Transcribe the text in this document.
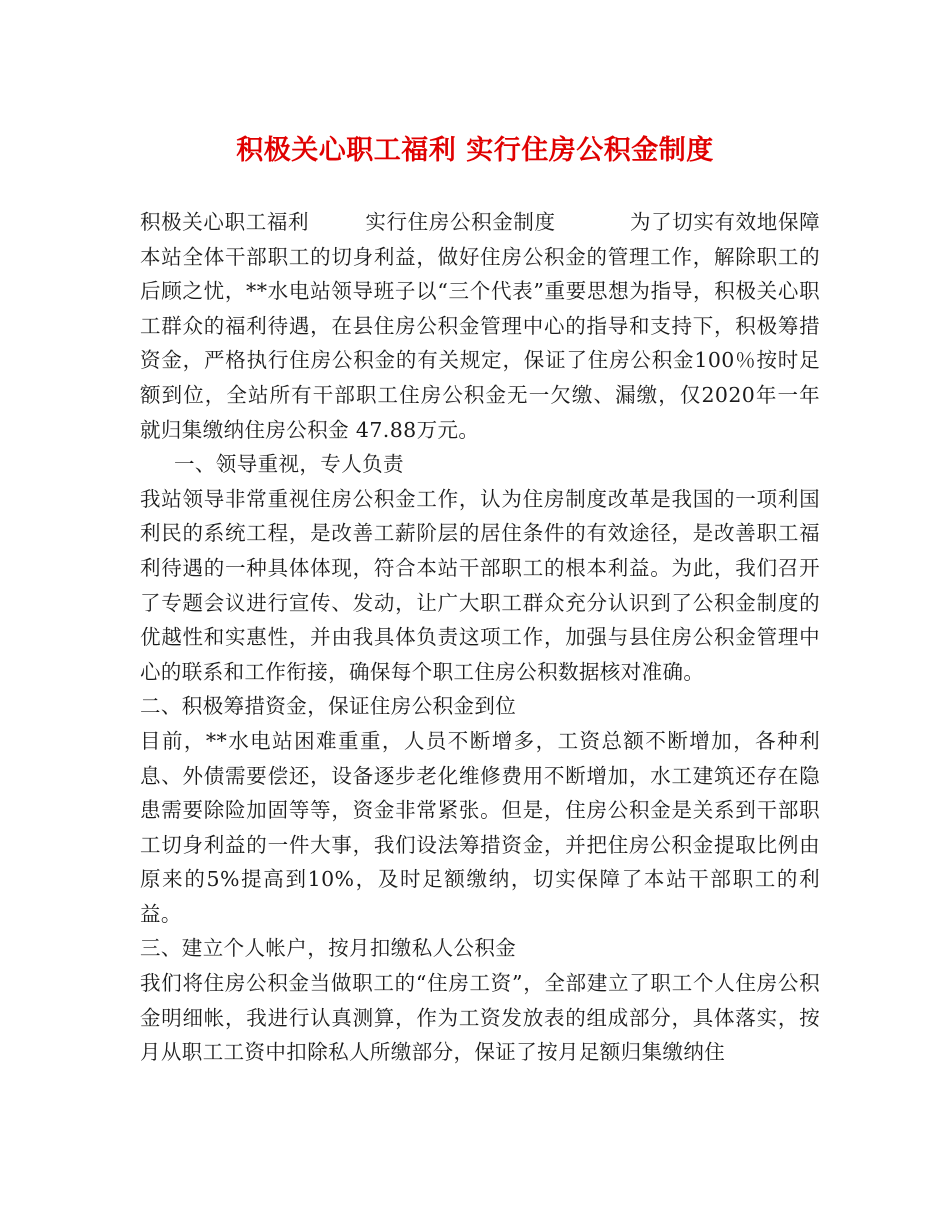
积极关心职工福利 实行住房公积金制度

积极关心职工福利	实行住房公积金制度	为了切实有效地保障本站全体干部职工的切身利益，做好住房公积金的管理工作，解除职工的后顾之忧，**水电站领导班子以“三个代表”重要思想为指导，积极关心职工群众的福利待遇，在县住房公积金管理中心的指导和支持下，积极筹措资金，严格执行住房公积金的有关规定，保证了住房公积金100％按时足额到位，全站所有干部职工住房公积金无一欠缴、漏缴，仅2020年一年就归集缴纳住房公积金 47.88万元。

一、领导重视，专人负责

我站领导非常重视住房公积金工作，认为住房制度改革是我国的一项利国利民的系统工程，是改善工薪阶层的居住条件的有效途径，是改善职工福利待遇的一种具体体现，符合本站干部职工的根本利益。为此，我们召开了专题会议进行宣传、发动，让广大职工群众充分认识到了公积金制度的优越性和实惠性，并由我具体负责这项工作，加强与县住房公积金管理中心的联系和工作衔接，确保每个职工住房公积数据核对准确。

二、积极筹措资金，保证住房公积金到位

目前，**水电站困难重重，人员不断增多，工资总额不断增加，各种利息、外债需要偿还，设备逐步老化维修费用不断增加，水工建筑还存在隐患需要除险加固等等，资金非常紧张。但是，住房公积金是关系到干部职工切身利益的一件大事，我们设法筹措资金，并把住房公积金提取比例由原来的5%提高到10%，及时足额缴纳，切实保障了本站干部职工的利益。

三、建立个人帐户，按月扣缴私人公积金

我们将住房公积金当做职工的“住房工资”，全部建立了职工个人住房公积金明细帐，我进行认真测算，作为工资发放表的组成部分，具体落实，按月从职工工资中扣除私人所缴部分，保证了按月足额归集缴纳住
